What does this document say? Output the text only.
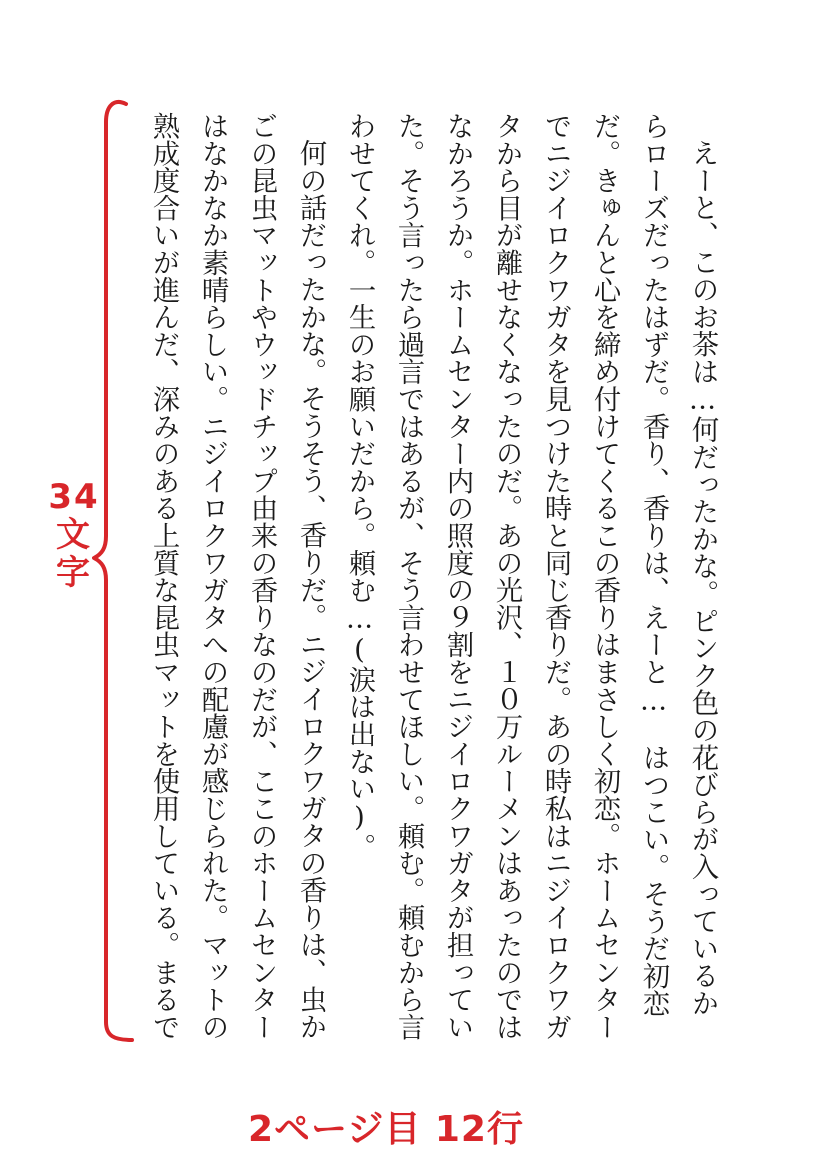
えーと、このお茶は…何だったかな。ピンク色の花びらが入っているからローズだったはずだ。香り、香りは、えーと…　はつこい。そうだ初恋だ。きゅんと心を締め付けてくるこの香りはまさしく初恋。ホームセンターでニジイロクワガタを見つけた時と同じ香りだ。あの時私はニジイロクワガタから目が離せなくなったのだ。あの光沢、１０万ルーメンはあったのではなかろうか。ホームセンター内の照度の９割をニジイロクワガタが担っていた。そう言ったら過言ではあるが、そう言わせてほしい。頼む。頼むから言わせてくれ。一生のお願いだから。頼む…(涙は出ない)。

何の話だったかな。そうそう、香りだ。ニジイロクワガタの香りは、虫かごの昆虫マットやウッドチップ由来の香りなのだが、ここのホームセンターはなかなか素晴らしい。ニジイロクワガタへの配慮が感じられた。マットの熟成度合いが進んだ、深みのある上質な昆虫マットを使用している。まるで

34 文字
2ページ目 12行
